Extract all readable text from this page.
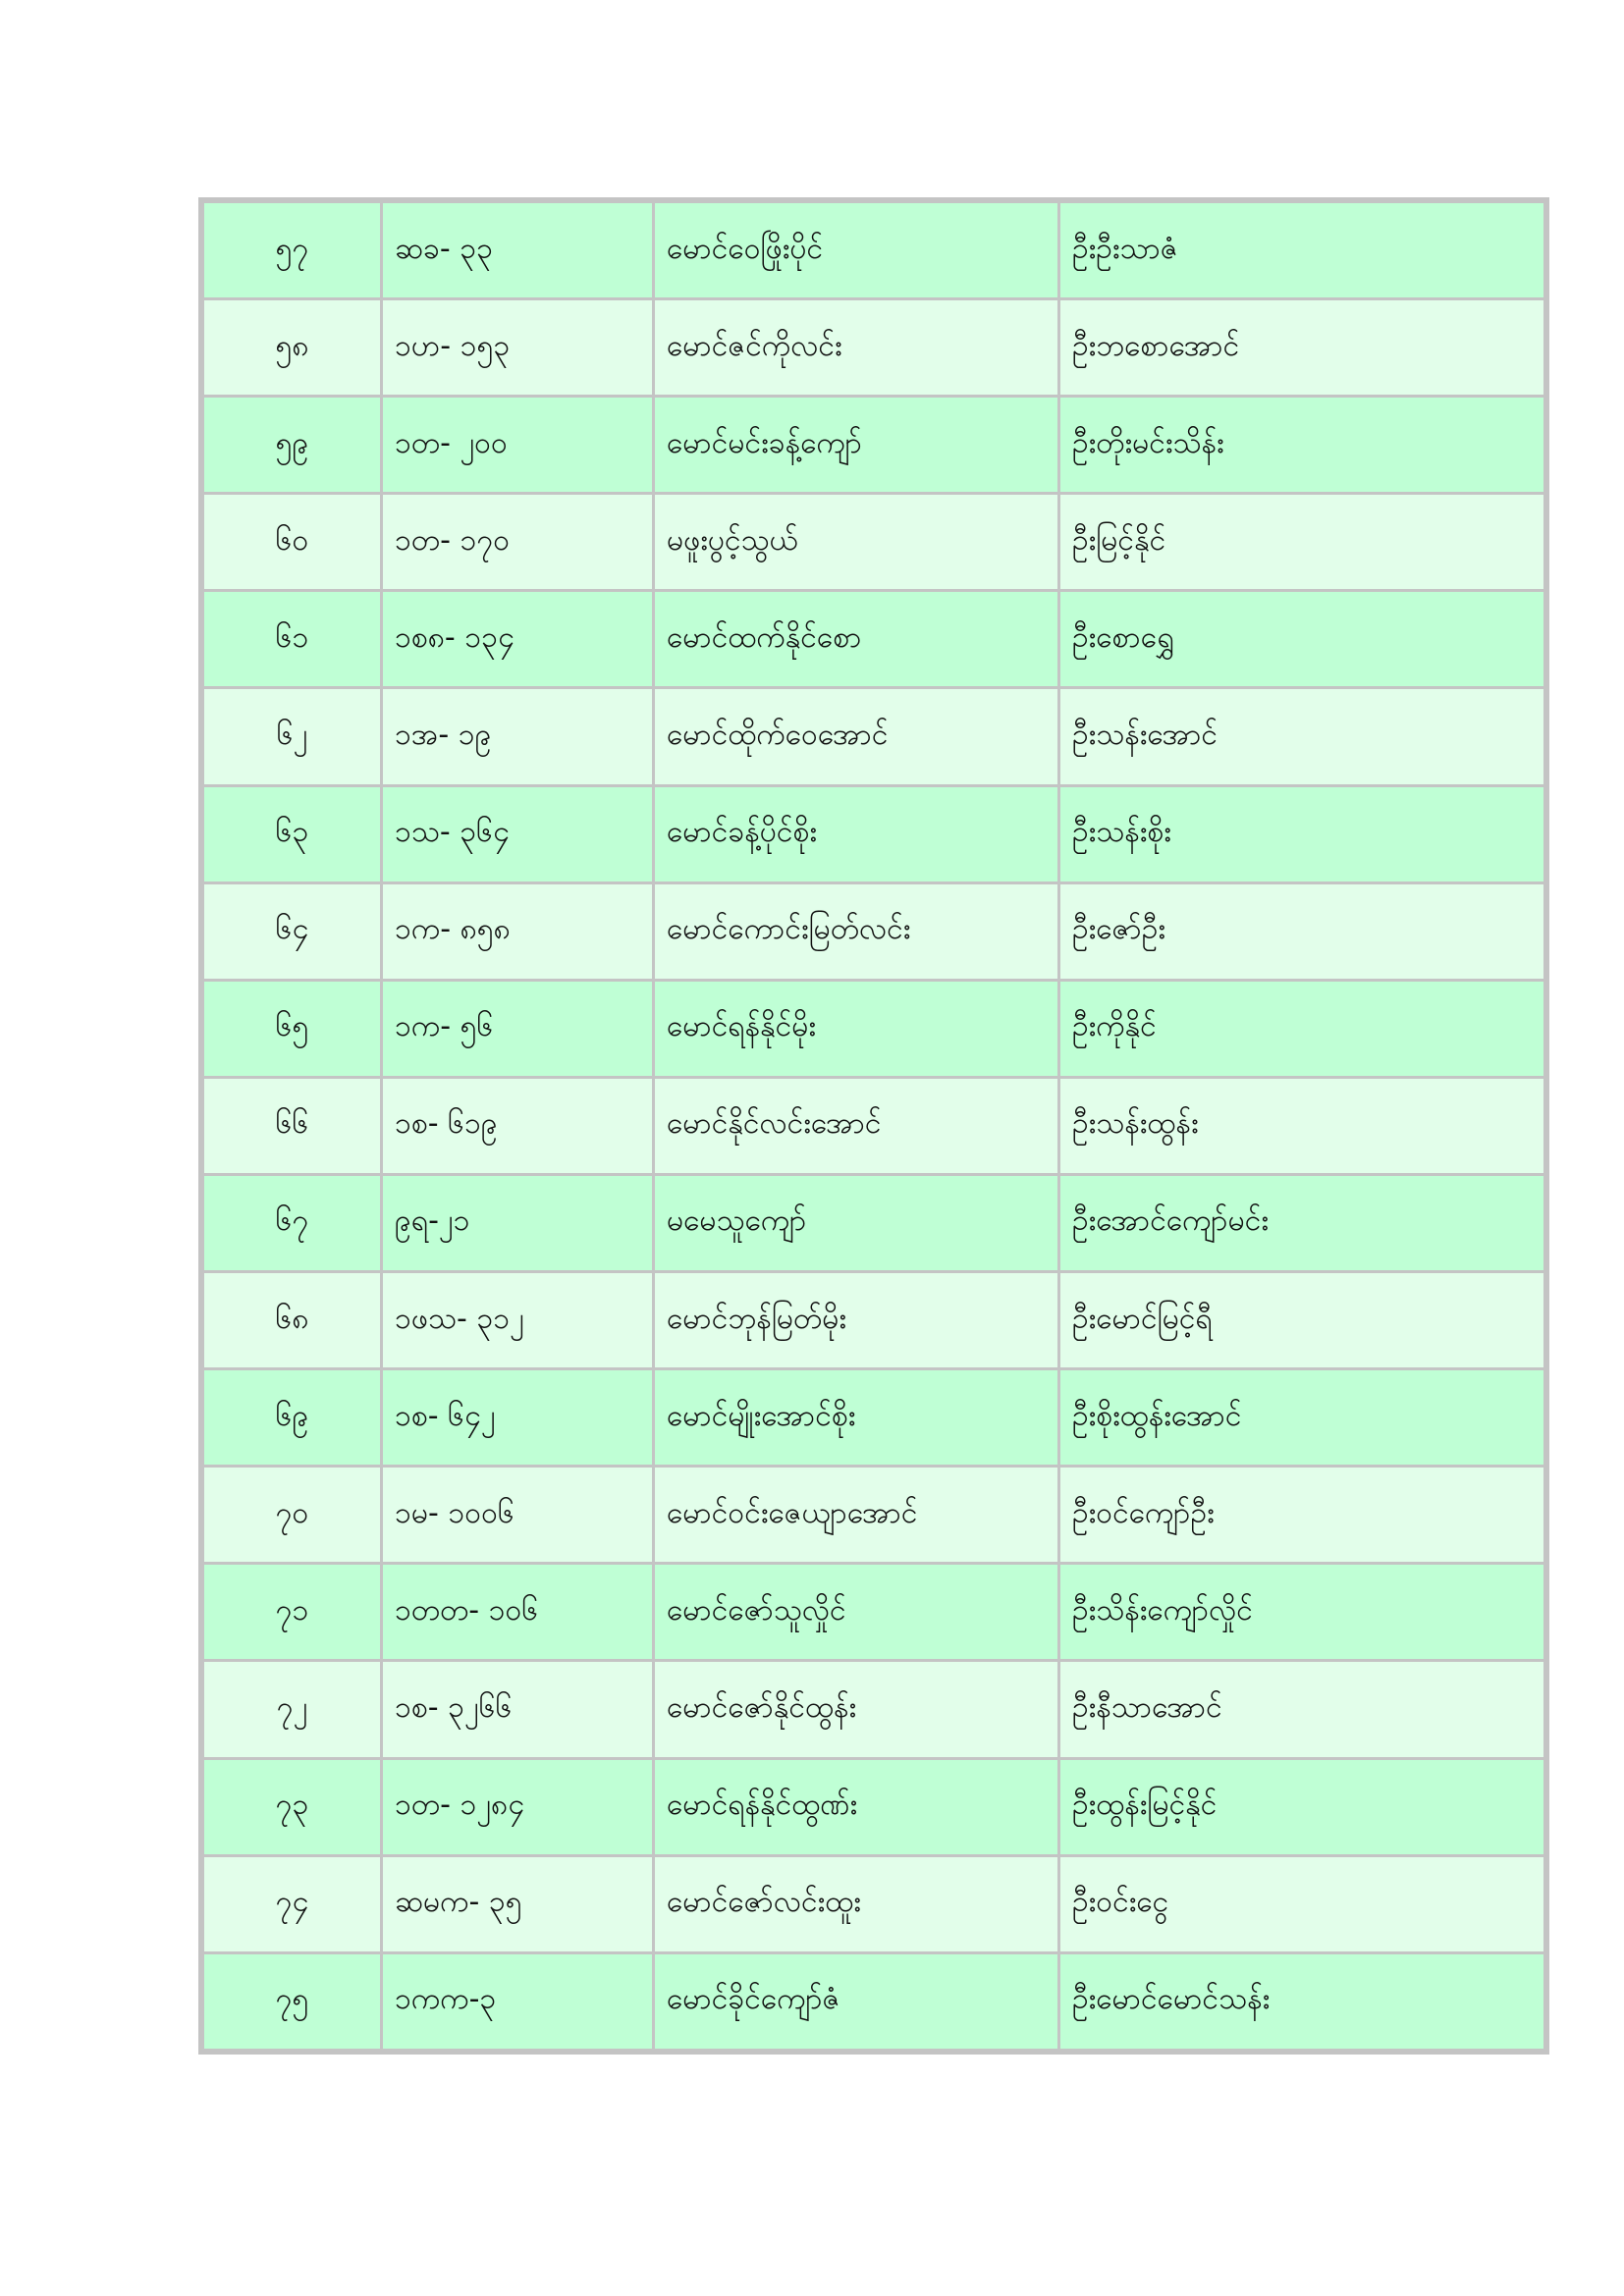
၅၇	ဆခ- ၃၃	မောင်ဝေဖြိုးပိုင်	ဦးဦးသာဇံ
၅၈	၁ဟ- ၁၅၃	မောင်ဇင်ကိုလင်း	ဦးဘစောအောင်
၅၉	၁တ- ၂၀၀	မောင်မင်းခန့်ကျော်	ဦးတိုးမင်းသိန်း
၆၀	၁တ- ၁၇၀	မဖူးပွင့်သွယ်	ဦးမြင့်နိုင်
၆၁	၁စ၈- ၁၃၄	မောင်ထက်နိုင်စော	ဦးစောရွှေ
၆၂	၁အ- ၁၉	မောင်ထိုက်ဝေအောင်	ဦးသန်းအောင်
၆၃	၁သ- ၃၆၄	မောင်ခန့်ပိုင်စိုး	ဦးသန်းစိုး
၆၄	၁က- ၈၅၈	မောင်ကောင်းမြတ်လင်း	ဦးဇော်ဦး
၆၅	၁က- ၅၆	မောင်ရန်နိုင်မိုး	ဦးကိုနိုင်
၆၆	၁စ- ၆၁၉	မောင်နိုင်လင်းအောင်	ဦးသန်းထွန်း
၆၇	၉ရ-၂၁	မမေသူကျော်	ဦးအောင်ကျော်မင်း
၆၈	၁ဖသ- ၃၁၂	မောင်ဘုန်မြတ်မိုး	ဦးမောင်မြင့်ရီ
၆၉	၁စ- ၆၄၂	မောင်မျိုးအောင်စိုး	ဦးစိုးထွန်းအောင်
၇၀	၁မ- ၁၀၀၆	မောင်ဝင်းဇေယျာအောင်	ဦးဝင်ကျော်ဦး
၇၁	၁တတ- ၁၀၆	မောင်ဇော်သူလှိုင်	ဦးသိန်းကျော်လှိုင်
၇၂	၁စ- ၃၂၆၆	မောင်ဇော်နိုင်ထွန်း	ဦးနီသာအောင်
၇၃	၁တ- ၁၂၈၄	မောင်ရန်နိုင်ထွဏ်း	ဦးထွန်းမြင့်နိုင်
၇၄	ဆမက- ၃၅	မောင်ဇော်လင်းထူး	ဦးဝင်းငွေ
၇၅	၁ကက-၃	မောင်ခိုင်ကျော်ဇံ	ဦးမောင်မောင်သန်း
